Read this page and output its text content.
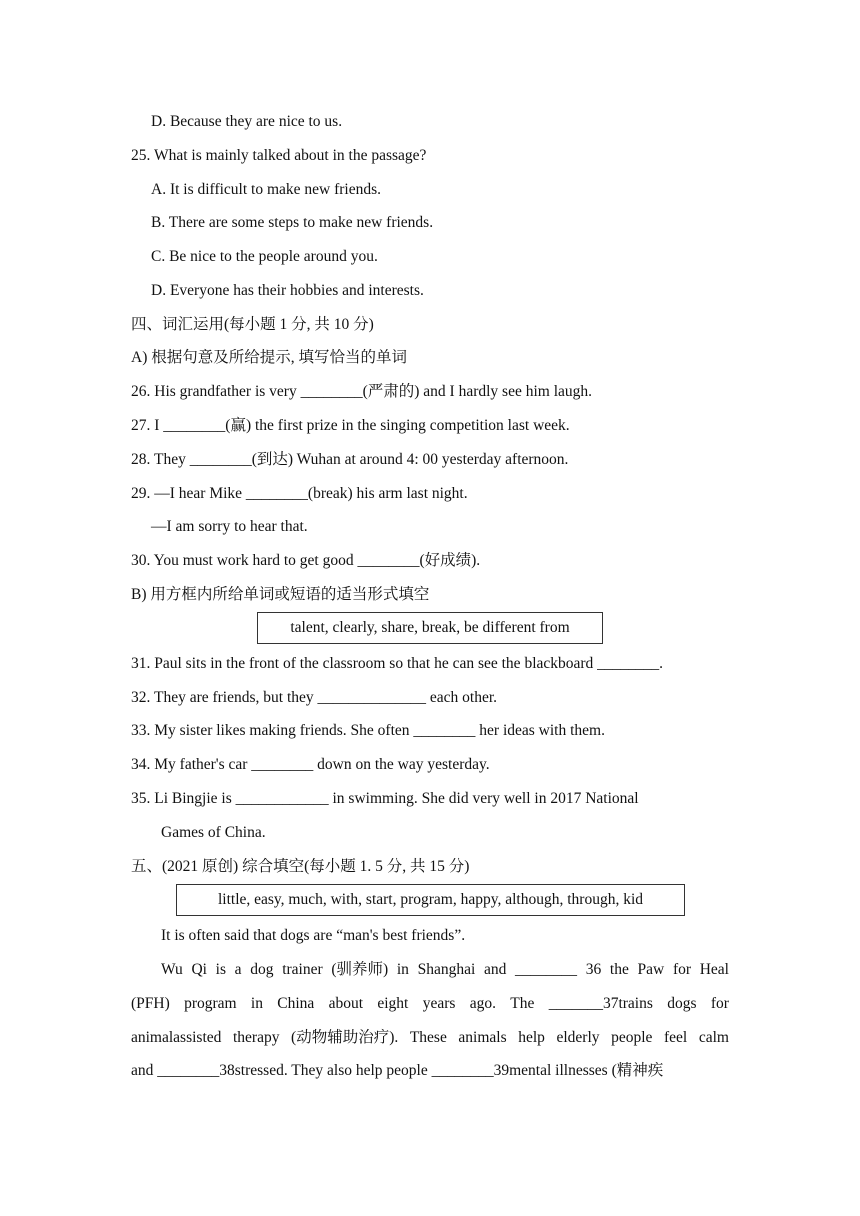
D. Because they are nice to us.
25. What is mainly talked about in the passage?
A. It is difficult to make new friends.
B. There are some steps to make new friends.
C. Be nice to the people around you.
D. Everyone has their hobbies and interests.
四、词汇运用(每小题 1 分, 共 10 分)
A) 根据句意及所给提示, 填写恰当的单词
26. His grandfather is very ________(严肃的) and I hardly see him laugh.
27. I ________(赢) the first prize in the singing competition last week.
28. They ________(到达) Wuhan at around 4: 00 yesterday afternoon.
29. —I hear Mike ________(break) his arm last night.
—I am sorry to hear that.
30. You must work hard to get good ________(好成绩).
B) 用方框内所给单词或短语的适当形式填空
talent, clearly, share, break, be different from
31. Paul sits in the front of the classroom so that he can see the blackboard ________.
32. They are friends, but they ______________ each other.
33. My sister likes making friends. She often ________ her ideas with them.
34. My father's car ________ down on the way yesterday.
35. Li Bingjie is ____________ in swimming. She did very well in 2017 National
Games of China.
五、(2021 原创) 综合填空(每小题 1. 5 分, 共 15 分)
little, easy, much, with, start, program, happy, although, through, kid
It is often said that dogs are “man's best friends”.
Wu Qi is a dog trainer (驯养师) in Shanghai and ________ 36 the Paw for Heal
(PFH) program in China about eight years ago. The _______37trains dogs for
animalassisted therapy (动物辅助治疗). These animals help elderly people feel calm
and ________38stressed. They also help people ________39mental illnesses (精神疾
